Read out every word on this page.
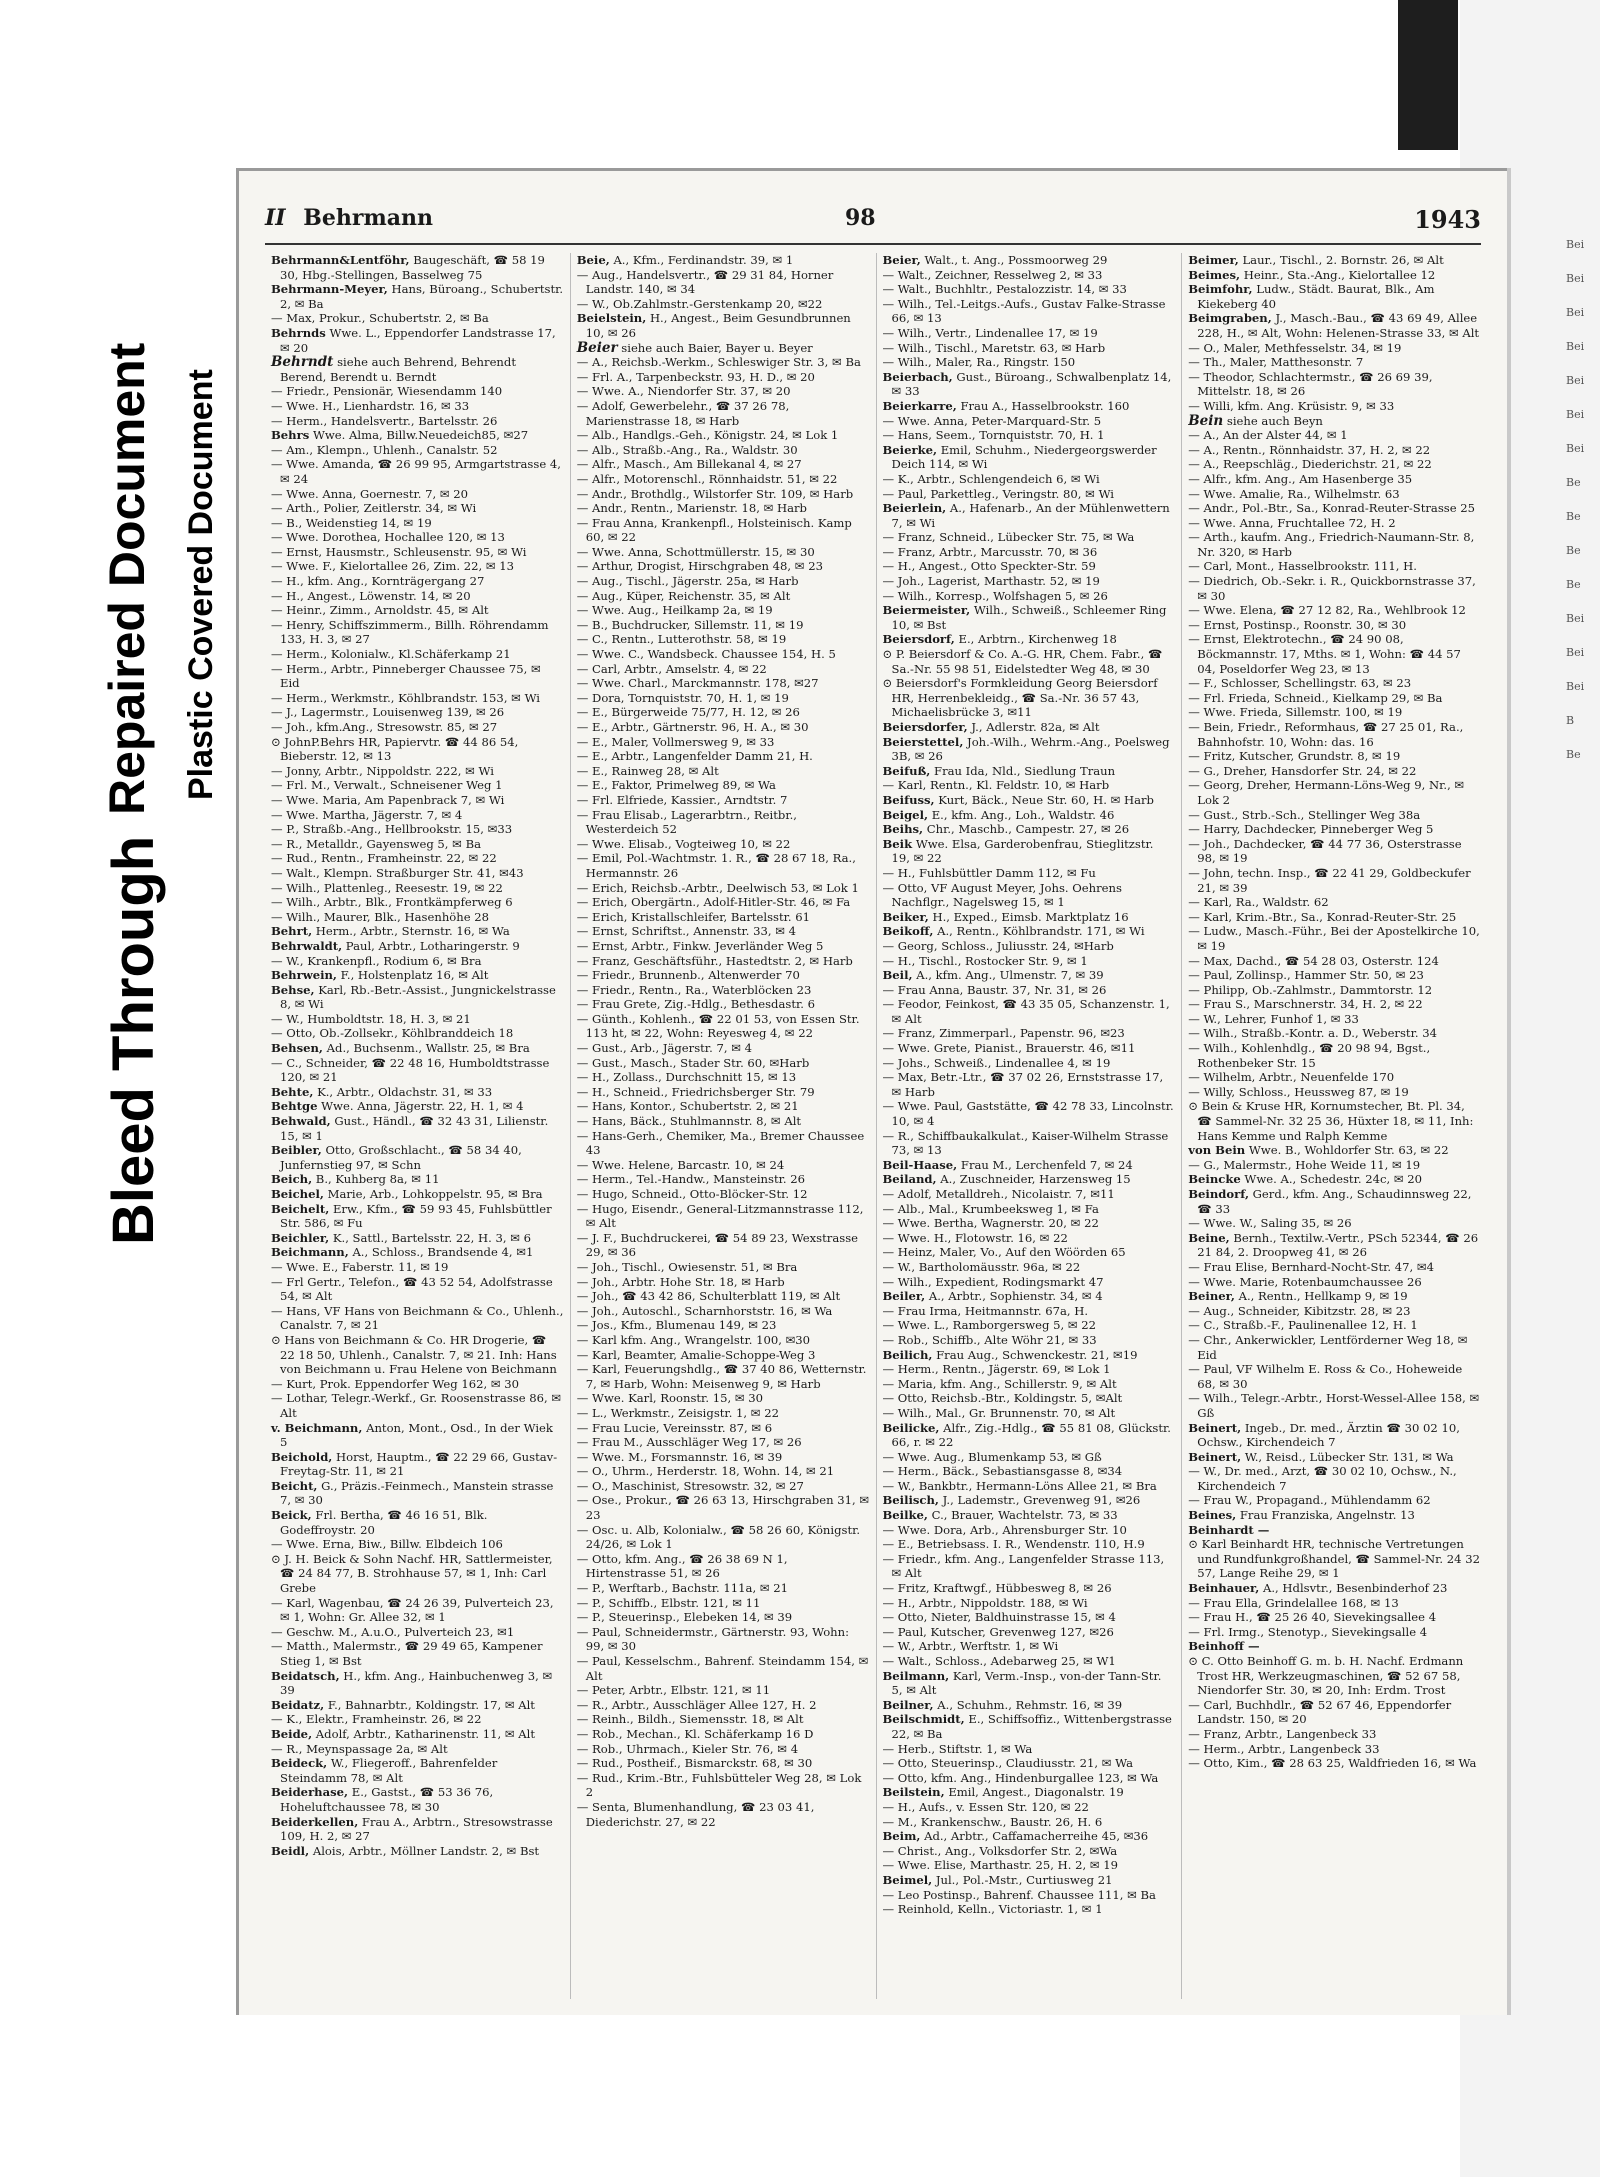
Bei
Bei
Bei
Bei
Bei
Bei
Bei
Be
Be
Be
Be
Bei
Bei
Bei
B
Be
Bleed Through
Repaired Document Plastic Covered Document
II Behrmann	98	1943

Behrmann&Lentföhr, Baugeschäft, ☎ 58 19 30, Hbg.-Stellingen, Basselweg 75

Behrmann-Meyer, Hans, Büroang., Schubertstr. 2, ✉ Ba

— Max, Prokur., Schubertstr. 2, ✉ Ba

Behrnds Wwe. L., Eppendorfer Landstrasse 17, ✉ 20

Behrndt siehe auch Behrend, Behrendt Berend, Berendt u. Berndt

— Friedr., Pensionär, Wiesendamm 140

— Wwe. H., Lienhardstr. 16, ✉ 33

— Herm., Handelsvertr., Bartelsstr. 26

Behrs Wwe. Alma, Billw.Neuedeich85, ✉27

— Am., Klempn., Uhlenh., Canalstr. 52

— Wwe. Amanda, ☎ 26 99 95, Armgartstrasse 4, ✉ 24

— Wwe. Anna, Goernestr. 7, ✉ 20

— Arth., Polier, Zeitlerstr. 34, ✉ Wi

— B., Weidenstieg 14, ✉ 19

— Wwe. Dorothea, Hochallee 120, ✉ 13

— Ernst, Hausmstr., Schleusenstr. 95, ✉ Wi

— Wwe. F., Kielortallee 26, Zim. 22, ✉ 13

— H., kfm. Ang., Kornträgergang 27

— H., Angest., Löwenstr. 14, ✉ 20

— Heinr., Zimm., Arnoldstr. 45, ✉ Alt

— Henry, Schiffszimmerm., Billh. Röhrendamm 133, H. 3, ✉ 27

— Herm., Kolonialw., Kl.Schäferkamp 21

— Herm., Arbtr., Pinneberger Chaussee 75, ✉ Eid

— Herm., Werkmstr., Köhlbrandstr. 153, ✉ Wi

— J., Lagermstr., Louisenweg 139, ✉ 26

— Joh., kfm.Ang., Stresowstr. 85, ✉ 27

⊙ JohnP.Behrs HR, Papiervtr. ☎ 44 86 54, Bieberstr. 12, ✉ 13

— Jonny, Arbtr., Nippoldstr. 222, ✉ Wi

— Frl. M., Verwalt., Schneisener Weg 1

— Wwe. Maria, Am Papenbrack 7, ✉ Wi

— Wwe. Martha, Jägerstr. 7, ✉ 4

— P., Straßb.-Ang., Hellbrookstr. 15, ✉33

— R., Metalldr., Gayensweg 5, ✉ Ba

— Rud., Rentn., Framheinstr. 22, ✉ 22

— Walt., Klempn. Straßburger Str. 41, ✉43

— Wilh., Plattenleg., Reesestr. 19, ✉ 22

— Wilh., Arbtr., Blk., Frontkämpferweg 6

— Wilh., Maurer, Blk., Hasenhöhe 28

Behrt, Herm., Arbtr., Sternstr. 16, ✉ Wa

Behrwaldt, Paul, Arbtr., Lotharingerstr. 9

— W., Krankenpfl., Rodium 6, ✉ Bra

Behrwein, F., Holstenplatz 16, ✉ Alt

Behse, Karl, Rb.-Betr.-Assist., Jungnickelstrasse 8, ✉ Wi

— W., Humboldtstr. 18, H. 3, ✉ 21

— Otto, Ob.-Zollsekr., Köhlbranddeich 18

Behsen, Ad., Buchsenm., Wallstr. 25, ✉ Bra

— C., Schneider, ☎ 22 48 16, Humboldtstrasse 120, ✉ 21

Behte, K., Arbtr., Oldachstr. 31, ✉ 33

Behtge Wwe. Anna, Jägerstr. 22, H. 1, ✉ 4

Behwald, Gust., Händl., ☎ 32 43 31, Lilienstr. 15, ✉ 1

Beibler, Otto, Großschlacht., ☎ 58 34 40, Junfernstieg 97, ✉ Schn

Beich, B., Kuhberg 8a, ✉ 11

Beichel, Marie, Arb., Lohkoppelstr. 95, ✉ Bra

Beichelt, Erw., Kfm., ☎ 59 93 45, Fuhlsbüttler Str. 586, ✉ Fu

Beichler, K., Sattl., Bartelsstr. 22, H. 3, ✉ 6

Beichmann, A., Schloss., Brandsende 4, ✉1

— Wwe. E., Faberstr. 11, ✉ 19

— Frl Gertr., Telefon., ☎ 43 52 54, Adolfstrasse 54, ✉ Alt

— Hans, VF Hans von Beichmann & Co., Uhlenh., Canalstr. 7, ✉ 21

⊙ Hans von Beichmann & Co. HR Drogerie, ☎ 22 18 50, Uhlenh., Canalstr. 7, ✉ 21. Inh: Hans von Beichmann u. Frau Helene von Beichmann

— Kurt, Prok. Eppendorfer Weg 162, ✉ 30

— Lothar, Telegr.-Werkf., Gr. Roosenstrasse 86, ✉ Alt

v. Beichmann, Anton, Mont., Osd., In der Wiek 5

Beichold, Horst, Hauptm., ☎ 22 29 66, Gustav-Freytag-Str. 11, ✉ 21

Beicht, G., Präzis.-Feinmech., Manstein strasse 7, ✉ 30

Beick, Frl. Bertha, ☎ 46 16 51, Blk. Godeffroystr. 20

— Wwe. Erna, Biw., Billw. Elbdeich 106

⊙ J. H. Beick & Sohn Nachf. HR, Sattlermeister, ☎ 24 84 77, B. Strohhause 57, ✉ 1, Inh: Carl Grebe

— Karl, Wagenbau, ☎ 24 26 39, Pulverteich 23, ✉ 1, Wohn: Gr. Allee 32, ✉ 1

— Geschw. M., A.u.O., Pulverteich 23, ✉1

— Matth., Malermstr., ☎ 29 49 65, Kampener Stieg 1, ✉ Bst

Beidatsch, H., kfm. Ang., Hainbuchenweg 3, ✉ 39

Beidatz, F., Bahnarbtr., Koldingstr. 17, ✉ Alt

— K., Elektr., Framheinstr. 26, ✉ 22

Beide, Adolf, Arbtr., Katharinenstr. 11, ✉ Alt

— R., Meynspassage 2a, ✉ Alt

Beideck, W., Fliegeroff., Bahrenfelder Steindamm 78, ✉ Alt

Beiderhase, E., Gastst., ☎ 53 36 76, Hoheluftchaussee 78, ✉ 30

Beiderkellen, Frau A., Arbtrn., Stresowstrasse 109, H. 2, ✉ 27

Beidl, Alois, Arbtr., Möllner Landstr. 2, ✉ Bst

Beie, A., Kfm., Ferdinandstr. 39, ✉ 1

— Aug., Handelsvertr., ☎ 29 31 84, Horner Landstr. 140, ✉ 34

— W., Ob.Zahlmstr.-Gerstenkamp 20, ✉22

Beielstein, H., Angest., Beim Gesundbrunnen 10, ✉ 26

Beier siehe auch Baier, Bayer u. Beyer

— A., Reichsb.-Werkm., Schleswiger Str. 3, ✉ Ba

— Frl. A., Tarpenbeckstr. 93, H. D., ✉ 20

— Wwe. A., Niendorfer Str. 37, ✉ 20

— Adolf, Gewerbelehr., ☎ 37 26 78, Marienstrasse 18, ✉ Harb

— Alb., Handlgs.-Geh., Königstr. 24, ✉ Lok 1

— Alb., Straßb.-Ang., Ra., Waldstr. 30

— Alfr., Masch., Am Billekanal 4, ✉ 27

— Alfr., Motorenschl., Rönnhaidstr. 51, ✉ 22

— Andr., Brothdlg., Wilstorfer Str. 109, ✉ Harb

— Andr., Rentn., Marienstr. 18, ✉ Harb

— Frau Anna, Krankenpfl., Holsteinisch. Kamp 60, ✉ 22

— Wwe. Anna, Schottmüllerstr. 15, ✉ 30

— Arthur, Drogist, Hirschgraben 48, ✉ 23

— Aug., Tischl., Jägerstr. 25a, ✉ Harb

— Aug., Küper, Reichenstr. 35, ✉ Alt

— Wwe. Aug., Heilkamp 2a, ✉ 19

— B., Buchdrucker, Sillemstr. 11, ✉ 19

— C., Rentn., Lutterothstr. 58, ✉ 19

— Wwe. C., Wandsbeck. Chaussee 154, H. 5

— Carl, Arbtr., Amselstr. 4, ✉ 22

— Wwe. Charl., Marckmannstr. 178, ✉27

— Dora, Tornquiststr. 70, H. 1, ✉ 19

— E., Bürgerweide 75/77, H. 12, ✉ 26

— E., Arbtr., Gärtnerstr. 96, H. A., ✉ 30

— E., Maler, Vollmersweg 9, ✉ 33

— E., Arbtr., Langenfelder Damm 21, H.

— E., Rainweg 28, ✉ Alt

— E., Faktor, Primelweg 89, ✉ Wa

— Frl. Elfriede, Kassier., Arndtstr. 7

— Frau Elisab., Lagerarbtrn., Reitbr., Westerdeich 52

— Wwe. Elisab., Vogteiweg 10, ✉ 22

— Emil, Pol.-Wachtmstr. 1. R., ☎ 28 67 18, Ra., Hermannstr. 26

— Erich, Reichsb.-Arbtr., Deelwisch 53, ✉ Lok 1

— Erich, Obergärtn., Adolf-Hitler-Str. 46, ✉ Fa

— Erich, Kristallschleifer, Bartelsstr. 61

— Ernst, Schriftst., Annenstr. 33, ✉ 4

— Ernst, Arbtr., Finkw. Jeverländer Weg 5

— Franz, Geschäftsführ., Hastedtstr. 2, ✉ Harb

— Friedr., Brunnenb., Altenwerder 70

— Friedr., Rentn., Ra., Waterblöcken 23

— Frau Grete, Zig.-Hdlg., Bethesdastr. 6

— Günth., Kohlenh., ☎ 22 01 53, von Essen Str. 113 ht, ✉ 22, Wohn: Reyesweg 4, ✉ 22

— Gust., Arb., Jägerstr. 7, ✉ 4

— Gust., Masch., Stader Str. 60, ✉Harb

— H., Zollass., Durchschnitt 15, ✉ 13

— H., Schneid., Friedrichsberger Str. 79

— Hans, Kontor., Schubertstr. 2, ✉ 21

— Hans, Bäck., Stuhlmannstr. 8, ✉ Alt

— Hans-Gerh., Chemiker, Ma., Bremer Chaussee 43

— Wwe. Helene, Barcastr. 10, ✉ 24

— Herm., Tel.-Handw., Mansteinstr. 26

— Hugo, Schneid., Otto-Blöcker-Str. 12

— Hugo, Eisendr., General-Litzmannstrasse 112, ✉ Alt

— J. F., Buchdruckerei, ☎ 54 89 23, Wexstrasse 29, ✉ 36

— Joh., Tischl., Owiesenstr. 51, ✉ Bra

— Joh., Arbtr. Hohe Str. 18, ✉ Harb

— Joh., ☎ 43 42 86, Schulterblatt 119, ✉ Alt

— Joh., Autoschl., Scharnhorststr. 16, ✉ Wa

— Jos., Kfm., Blumenau 149, ✉ 23

— Karl kfm. Ang., Wrangelstr. 100, ✉30

— Karl, Beamter, Amalie-Schoppe-Weg 3

— Karl, Feuerungshdlg., ☎ 37 40 86, Wetternstr. 7, ✉ Harb, Wohn: Meisenweg 9, ✉ Harb

— Wwe. Karl, Roonstr. 15, ✉ 30

— L., Werkmstr., Zeisigstr. 1, ✉ 22

— Frau Lucie, Vereinsstr. 87, ✉ 6

— Frau M., Ausschläger Weg 17, ✉ 26

— Wwe. M., Forsmannstr. 16, ✉ 39

— O., Uhrm., Herderstr. 18, Wohn. 14, ✉ 21

— O., Maschinist, Stresowstr. 32, ✉ 27

— Ose., Prokur., ☎ 26 63 13, Hirschgraben 31, ✉ 23

— Osc. u. Alb, Kolonialw., ☎ 58 26 60, Königstr. 24/26, ✉ Lok 1

— Otto, kfm. Ang., ☎ 26 38 69 N 1, Hirtenstrasse 51, ✉ 26

— P., Werftarb., Bachstr. 111a, ✉ 21

— P., Schiffb., Elbstr. 121, ✉ 11

— P., Steuerinsp., Elebeken 14, ✉ 39

— Paul, Schneidermstr., Gärtnerstr. 93, Wohn: 99, ✉ 30

— Paul, Kesselschm., Bahrenf. Steindamm 154, ✉ Alt

— Peter, Arbtr., Elbstr. 121, ✉ 11

— R., Arbtr., Ausschläger Allee 127, H. 2

— Reinh., Bildh., Siemensstr. 18, ✉ Alt

— Rob., Mechan., Kl. Schäferkamp 16 D

— Rob., Uhrmach., Kieler Str. 76, ✉ 4

— Rud., Postheif., Bismarckstr. 68, ✉ 30

— Rud., Krim.-Btr., Fuhlsbütteler Weg 28, ✉ Lok 2

— Senta, Blumenhandlung, ☎ 23 03 41, Diederichstr. 27, ✉ 22

Beier, Walt., t. Ang., Possmoorweg 29

— Walt., Zeichner, Resselweg 2, ✉ 33

— Walt., Buchhltr., Pestalozzistr. 14, ✉ 33

— Wilh., Tel.-Leitgs.-Aufs., Gustav Falke-Strasse 66, ✉ 13

— Wilh., Vertr., Lindenallee 17, ✉ 19

— Wilh., Tischl., Maretstr. 63, ✉ Harb

— Wilh., Maler, Ra., Ringstr. 150

Beierbach, Gust., Büroang., Schwalbenplatz 14, ✉ 33

Beierkarre, Frau A., Hasselbrookstr. 160

— Wwe. Anna, Peter-Marquard-Str. 5

— Hans, Seem., Tornquiststr. 70, H. 1

Beierke, Emil, Schuhm., Niedergeorgswerder Deich 114, ✉ Wi

— K., Arbtr., Schlengendeich 6, ✉ Wi

— Paul, Parkettleg., Veringstr. 80, ✉ Wi

Beierlein, A., Hafenarb., An der Mühlenwettern 7, ✉ Wi

— Franz, Schneid., Lübecker Str. 75, ✉ Wa

— Franz, Arbtr., Marcusstr. 70, ✉ 36

— H., Angest., Otto Speckter-Str. 59

— Joh., Lagerist, Marthastr. 52, ✉ 19

— Wilh., Korresp., Wolfshagen 5, ✉ 26

Beiermeister, Wilh., Schweiß., Schleemer Ring 10, ✉ Bst

Beiersdorf, E., Arbtrn., Kirchenweg 18

⊙ P. Beiersdorf & Co. A.-G. HR, Chem. Fabr., ☎ Sa.-Nr. 55 98 51, Eidelstedter Weg 48, ✉ 30

⊙ Beiersdorf's Formkleidung Georg Beiersdorf HR, Herrenbekleidg., ☎ Sa.-Nr. 36 57 43, Michaelisbrücke 3, ✉11

Beiersdorfer, J., Adlerstr. 82a, ✉ Alt

Beierstettel, Joh.-Wilh., Wehrm.-Ang., Poelsweg 3B, ✉ 26

Beifuß, Frau Ida, Nld., Siedlung Traun

— Karl, Rentn., Kl. Feldstr. 10, ✉ Harb

Beifuss, Kurt, Bäck., Neue Str. 60, H. ✉ Harb

Beigel, E., kfm. Ang., Loh., Waldstr. 46

Beihs, Chr., Maschb., Campestr. 27, ✉ 26

Beik Wwe. Elsa, Garderobenfrau, Stieglitzstr. 19, ✉ 22

— H., Fuhlsbüttler Damm 112, ✉ Fu

— Otto, VF August Meyer, Johs. Oehrens Nachflgr., Nagelsweg 15, ✉ 1

Beiker, H., Exped., Eimsb. Marktplatz 16

Beikoff, A., Rentn., Köhlbrandstr. 171, ✉ Wi

— Georg, Schloss., Juliusstr. 24, ✉Harb

— H., Tischl., Rostocker Str. 9, ✉ 1

Beil, A., kfm. Ang., Ulmenstr. 7, ✉ 39

— Frau Anna, Baustr. 37, Nr. 31, ✉ 26

— Feodor, Feinkost, ☎ 43 35 05, Schanzenstr. 1, ✉ Alt

— Franz, Zimmerparl., Papenstr. 96, ✉23

— Wwe. Grete, Pianist., Brauerstr. 46, ✉11

— Johs., Schweiß., Lindenallee 4, ✉ 19

— Max, Betr.-Ltr., ☎ 37 02 26, Ernststrasse 17, ✉ Harb

— Wwe. Paul, Gaststätte, ☎ 42 78 33, Lincolnstr. 10, ✉ 4

— R., Schiffbaukalkulat., Kaiser-Wilhelm Strasse 73, ✉ 13

Beil-Haase, Frau M., Lerchenfeld 7, ✉ 24

Beiland, A., Zuschneider, Harzensweg 15

— Adolf, Metalldreh., Nicolaistr. 7, ✉11

— Alb., Mal., Krumbeeksweg 1, ✉ Fa

— Wwe. Bertha, Wagnerstr. 20, ✉ 22

— Wwe. H., Flotowstr. 16, ✉ 22

— Heinz, Maler, Vo., Auf den Wöörden 65

— W., Bartholomäusstr. 96a, ✉ 22

— Wilh., Expedient, Rodingsmarkt 47

Beiler, A., Arbtr., Sophienstr. 34, ✉ 4

— Frau Irma, Heitmannstr. 67a, H.

— Wwe. L., Ramborgersweg 5, ✉ 22

— Rob., Schiffb., Alte Wöhr 21, ✉ 33

Beilich, Frau Aug., Schwenckestr. 21, ✉19

— Herm., Rentn., Jägerstr. 69, ✉ Lok 1

— Maria, kfm. Ang., Schillerstr. 9, ✉ Alt

— Otto, Reichsb.-Btr., Koldingstr. 5, ✉Alt

— Wilh., Mal., Gr. Brunnenstr. 70, ✉ Alt

Beilicke, Alfr., Zig.-Hdlg., ☎ 55 81 08, Glückstr. 66, r. ✉ 22

— Wwe. Aug., Blumenkamp 53, ✉ Gß

— Herm., Bäck., Sebastiansgasse 8, ✉34

— W., Bankbtr., Hermann-Löns Allee 21, ✉ Bra

Beilisch, J., Lademstr., Grevenweg 91, ✉26

Beilke, C., Brauer, Wachtelstr. 73, ✉ 33

— Wwe. Dora, Arb., Ahrensburger Str. 10

— E., Betriebsass. I. R., Wendenstr. 110, H.9

— Friedr., kfm. Ang., Langenfelder Strasse 113, ✉ Alt

— Fritz, Kraftwgf., Hübbesweg 8, ✉ 26

— H., Arbtr., Nippoldstr. 188, ✉ Wi

— Otto, Nieter, Baldhuinstrasse 15, ✉ 4

— Paul, Kutscher, Grevenweg 127, ✉26

— W., Arbtr., Werftstr. 1, ✉ Wi

— Walt., Schloss., Adebarweg 25, ✉ W1

Beilmann, Karl, Verm.-Insp., von-der Tann-Str. 5, ✉ Alt

Beilner, A., Schuhm., Rehmstr. 16, ✉ 39

Beilschmidt, E., Schiffsoffiz., Wittenbergstrasse 22, ✉ Ba

— Herb., Stiftstr. 1, ✉ Wa

— Otto, Steuerinsp., Claudiusstr. 21, ✉ Wa

— Otto, kfm. Ang., Hindenburgallee 123, ✉ Wa

Beilstein, Emil, Angest., Diagonalstr. 19

— H., Aufs., v. Essen Str. 120, ✉ 22

— M., Krankenschw., Baustr. 26, H. 6

Beim, Ad., Arbtr., Caffamacherreihe 45, ✉36

— Christ., Ang., Volksdorfer Str. 2, ✉Wa

— Wwe. Elise, Marthastr. 25, H. 2, ✉ 19

Beimel, Jul., Pol.-Mstr., Curtiusweg 21

— Leo Postinsp., Bahrenf. Chaussee 111, ✉ Ba

— Reinhold, Kelln., Victoriastr. 1, ✉ 1

Beimer, Laur., Tischl., 2. Bornstr. 26, ✉ Alt

Beimes, Heinr., Sta.-Ang., Kielortallee 12

Beimfohr, Ludw., Städt. Baurat, Blk., Am Kiekeberg 40

Beimgraben, J., Masch.-Bau., ☎ 43 69 49, Allee 228, H., ✉ Alt, Wohn: Helenen-Strasse 33, ✉ Alt

— O., Maler, Methfesselstr. 34, ✉ 19

— Th., Maler, Matthesonstr. 7

— Theodor, Schlachtermstr., ☎ 26 69 39, Mittelstr. 18, ✉ 26

— Willi, kfm. Ang. Krüsistr. 9, ✉ 33

Bein siehe auch Beyn

— A., An der Alster 44, ✉ 1

— A., Rentn., Rönnhaidstr. 37, H. 2, ✉ 22

— A., Reepschläg., Diederichstr. 21, ✉ 22

— Alfr., kfm. Ang., Am Hasenberge 35

— Wwe. Amalie, Ra., Wilhelmstr. 63

— Andr., Pol.-Btr., Sa., Konrad-Reuter-Strasse 25

— Wwe. Anna, Fruchtallee 72, H. 2

— Arth., kaufm. Ang., Friedrich-Naumann-Str. 8, Nr. 320, ✉ Harb

— Carl, Mont., Hasselbrookstr. 111, H.

— Diedrich, Ob.-Sekr. i. R., Quickbornstrasse 37, ✉ 30

— Wwe. Elena, ☎ 27 12 82, Ra., Wehlbrook 12

— Ernst, Postinsp., Roonstr. 30, ✉ 30

— Ernst, Elektrotechn., ☎ 24 90 08, Böckmannstr. 17, Mths. ✉ 1, Wohn: ☎ 44 57 04, Poseldorfer Weg 23, ✉ 13

— F., Schlosser, Schellingstr. 63, ✉ 23

— Frl. Frieda, Schneid., Kielkamp 29, ✉ Ba

— Wwe. Frieda, Sillemstr. 100, ✉ 19

— Bein, Friedr., Reformhaus, ☎ 27 25 01, Ra., Bahnhofstr. 10, Wohn: das. 16

— Fritz, Kutscher, Grundstr. 8, ✉ 19

— G., Dreher, Hansdorfer Str. 24, ✉ 22

— Georg, Dreher, Hermann-Löns-Weg 9, Nr., ✉ Lok 2

— Gust., Strb.-Sch., Stellinger Weg 38a

— Harry, Dachdecker, Pinneberger Weg 5

— Joh., Dachdecker, ☎ 44 77 36, Osterstrasse 98, ✉ 19

— John, techn. Insp., ☎ 22 41 29, Goldbeckufer 21, ✉ 39

— Karl, Ra., Waldstr. 62

— Karl, Krim.-Btr., Sa., Konrad-Reuter-Str. 25

— Ludw., Masch.-Führ., Bei der Apostelkirche 10, ✉ 19

— Max, Dachd., ☎ 54 28 03, Osterstr. 124

— Paul, Zollinsp., Hammer Str. 50, ✉ 23

— Philipp, Ob.-Zahlmstr., Dammtorstr. 12

— Frau S., Marschnerstr. 34, H. 2, ✉ 22

— W., Lehrer, Funhof 1, ✉ 33

— Wilh., Straßb.-Kontr. a. D., Weberstr. 34

— Wilh., Kohlenhdlg., ☎ 20 98 94, Bgst., Rothenbeker Str. 15

— Wilhelm, Arbtr., Neuenfelde 170

— Willy, Schloss., Heussweg 87, ✉ 19

⊙ Bein & Kruse HR, Kornumstecher, Bt. Pl. 34, ☎ Sammel-Nr. 32 25 36, Hüxter 18, ✉ 11, Inh: Hans Kemme und Ralph Kemme

von Bein Wwe. B., Wohldorfer Str. 63, ✉ 22

— G., Malermstr., Hohe Weide 11, ✉ 19

Beincke Wwe. A., Schedestr. 24c, ✉ 20

Beindorf, Gerd., kfm. Ang., Schaudinnsweg 22, ☎ 33

— Wwe. W., Saling 35, ✉ 26

Beine, Bernh., Textilw.-Vertr., PSch 52344, ☎ 26 21 84, 2. Droopweg 41, ✉ 26

— Frau Elise, Bernhard-Nocht-Str. 47, ✉4

— Wwe. Marie, Rotenbaumchaussee 26

Beiner, A., Rentn., Hellkamp 9, ✉ 19

— Aug., Schneider, Kibitzstr. 28, ✉ 23

— C., Straßb.-F., Paulinenallee 12, H. 1

— Chr., Ankerwickler, Lentförderner Weg 18, ✉ Eid

— Paul, VF Wilhelm E. Ross & Co., Hoheweide 68, ✉ 30

— Wilh., Telegr.-Arbtr., Horst-Wessel-Allee 158, ✉ Gß

Beinert, Ingeb., Dr. med., Ärztin ☎ 30 02 10, Ochsw., Kirchendeich 7

Beinert, W., Reisd., Lübecker Str. 131, ✉ Wa

— W., Dr. med., Arzt, ☎ 30 02 10, Ochsw., N., Kirchendeich 7

— Frau W., Propagand., Mühlendamm 62

Beines, Frau Franziska, Angelnstr. 13

Beinhardt —

⊙ Karl Beinhardt HR, technische Vertretungen und Rundfunkgroßhandel, ☎ Sammel-Nr. 24 32 57, Lange Reihe 29, ✉ 1

Beinhauer, A., Hdlsvtr., Besenbinderhof 23

— Frau Ella, Grindelallee 168, ✉ 13

— Frau H., ☎ 25 26 40, Sievekingsallee 4

— Frl. Irmg., Stenotyp., Sievekingsalle 4

Beinhoff —

⊙ C. Otto Beinhoff G. m. b. H. Nachf. Erdmann Trost HR, Werkzeugmaschinen, ☎ 52 67 58, Niendorfer Str. 30, ✉ 20, Inh: Erdm. Trost

— Carl, Buchhdlr., ☎ 52 67 46, Eppendorfer Landstr. 150, ✉ 20

— Franz, Arbtr., Langenbeck 33

— Herm., Arbtr., Langenbeck 33

— Otto, Kim., ☎ 28 63 25, Waldfrieden 16, ✉ Wa
